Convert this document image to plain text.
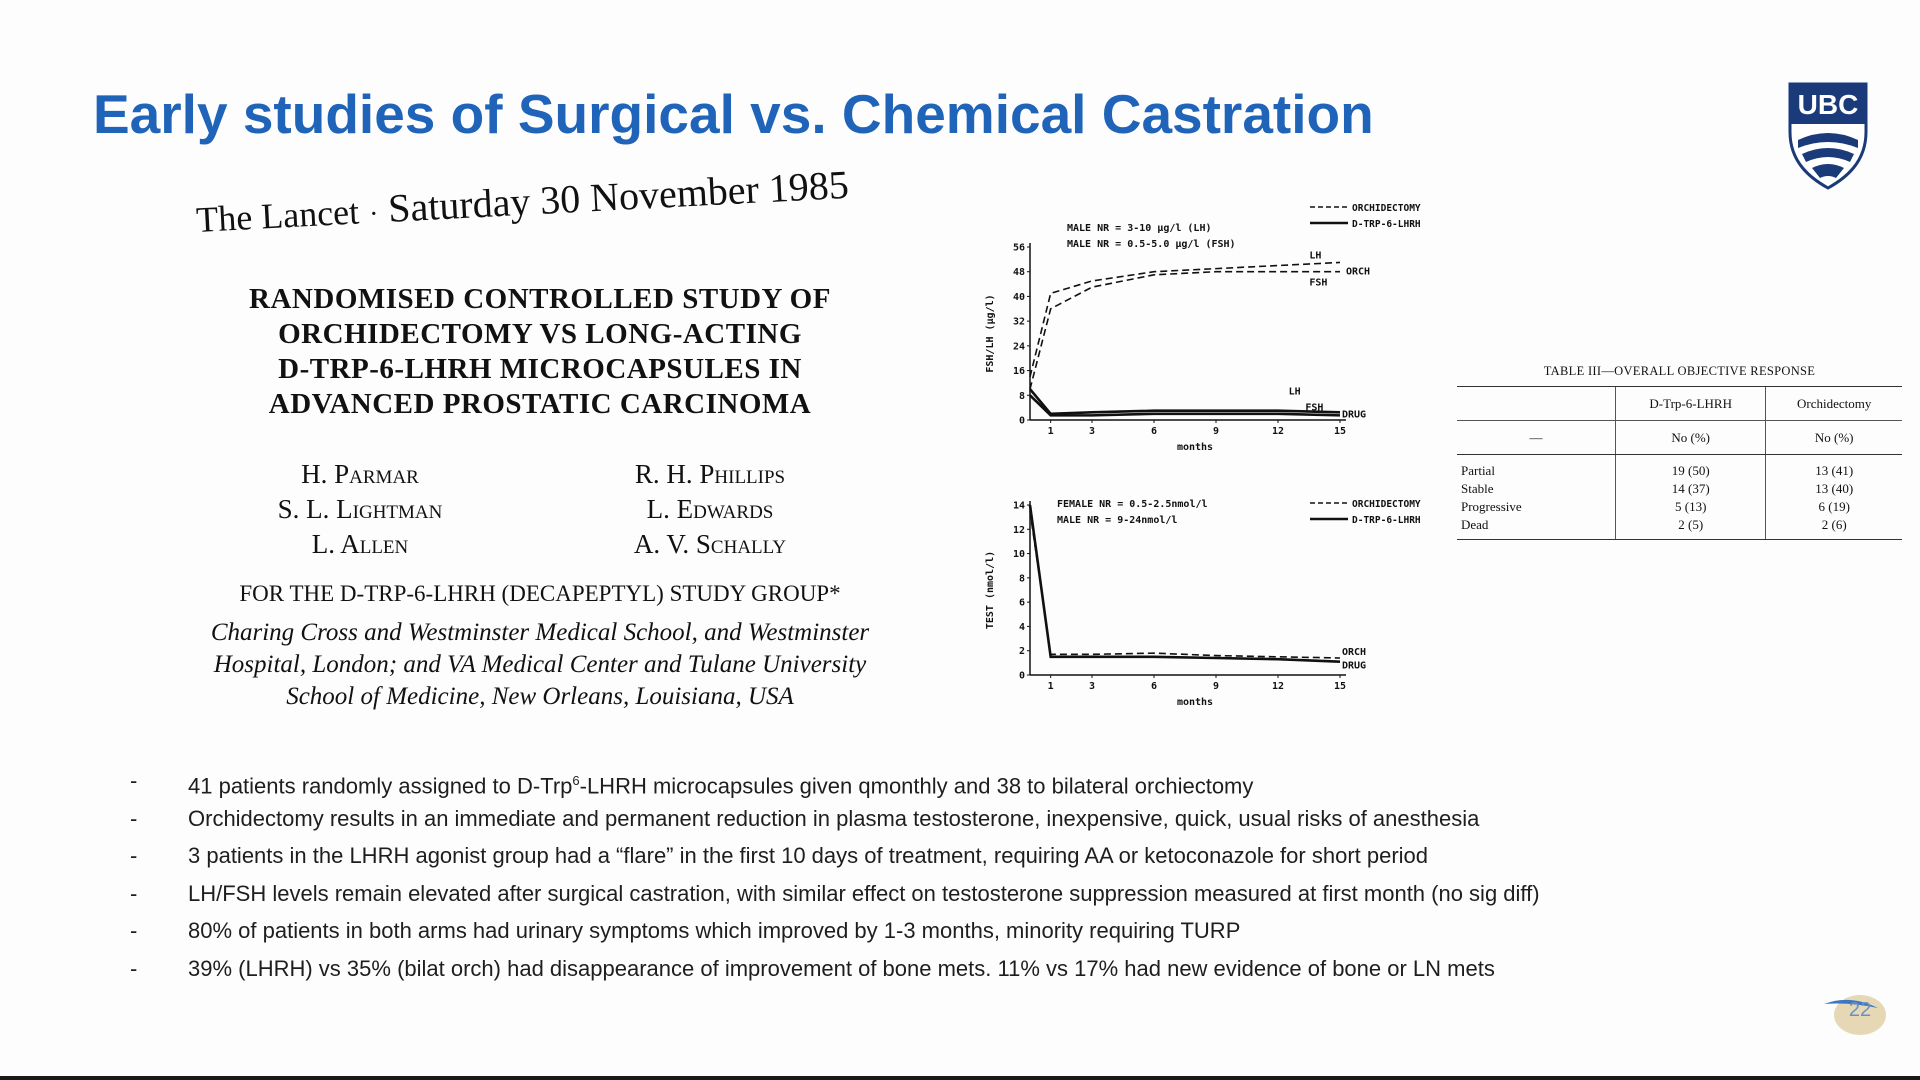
Early studies of Surgical vs. Chemical Castration	UBC
The Lancet · Saturday 30 November 1985
RANDOMISED CONTROLLED STUDY OF
ORCHIDECTOMY VS LONG-ACTING
D-TRP-6-LHRH MICROCAPSULES IN
ADVANCED PROSTATIC CARCINOMA
H. Parmar
S. L. Lightman
L. Allen
R. H. Phillips
L. Edwards
A. V. Schally
FOR THE D-TRP-6-LHRH (DECAPEPTYL) STUDY GROUP*
Charing Cross and Westminster Medical School, and Westminster
Hospital, London; and VA Medical Center and Tulane University
School of Medicine, New Orleans, Louisiana, USA
0
8
16
24
32
40
48
56
1	3	6	9	12	15
months
FSH/LH (µg/l)
MALE NR = 3-10 µg/l (LH)
MALE NR = 0.5-5.0 µg/l (FSH)
ORCHIDECTOMY
D-TRP-6-LHRH
LH
ORCH
FSH
LH
FSH
DRUG
0
2
4
6
8
10
12
14
1	3	6	9	12	15
months
TEST (nmol/l)
FEMALE NR = 0.5-2.5nmol/l
MALE NR = 9-24nmol/l
ORCHIDECTOMY
D-TRP-6-LHRH
ORCH
DRUG
TABLE III—OVERALL OBJECTIVE RESPONSE
	D-Trp-6-LHRH	Orchidectomy
—	No (%)	No (%)
Partial	19 (50)	13 (41)
Stable	14 (37)	13 (40)
Progressive	5 (13)	6 (19)
Dead	2 (5)	2 (6)
- 41 patients randomly assigned to D-Trp$^6$-LHRH microcapsules given qmonthly and 38 to bilateral orchiectomy
- Orchidectomy results in an immediate and permanent reduction in plasma testosterone, inexpensive, quick, usual risks of anesthesia
- 3 patients in the LHRH agonist group had a “flare” in the first 10 days of treatment, requiring AA or ketoconazole for short period
- LH/FSH levels remain elevated after surgical castration, with similar effect on testosterone suppression measured at first month (no sig diff)
- 80% of patients in both arms had urinary symptoms which improved by 1-3 months, minority requiring TURP
- 39% (LHRH) vs 35% (bilat orch) had disappearance of improvement of bone mets. 11% vs 17% had new evidence of bone or LN mets
22
